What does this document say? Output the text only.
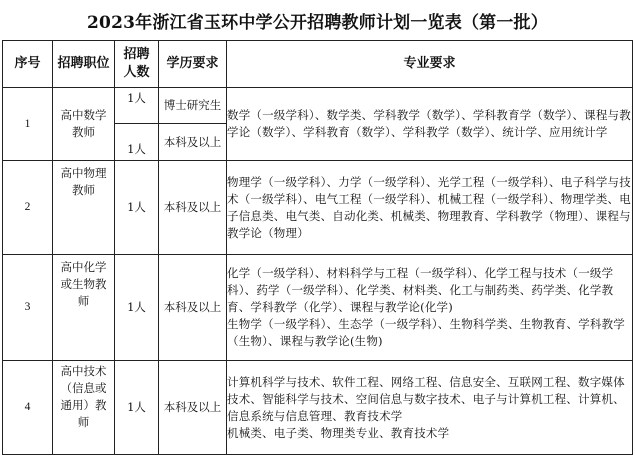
2023年浙江省玉环中学公开招聘教师计划一览表（第一批）
序号	招聘职位	招聘人数	学历要求	专业要求

1	高中数学教师	1人	博士研究生	数学（一级学科）、数学类、学科教学（数学）、学科教育学（数学）、课程与教学论（数学）、学科教育（数学）、学科教学（数学）、统计学、应用统计学
		1人	本科及以上	

2	高中物理教师	1人	本科及以上	物理学（一级学科）、力学（一级学科）、光学工程（一级学科）、电子科学与技术（一级学科）、电气工程（一级学科）、机械工程（一级学科）、物理学类、电子信息类、电气类、自动化类、机械类、物理教育、学科教学（物理）、课程与教学论（物理）
3	高中化学或生物教师	1人	本科及以上	化学（一级学科）、材料科学与工程（一级学科）、化学工程与技术（一级学科）、药学（一级学科）、化学类、材料类、化工与制药类、药学类、化学教育、学科教学（化学）、课程与教学论(化学)
生物学（一级学科）、生态学（一级学科）、生物科学类、生物教育、学科教学（生物）、课程与教学论(生物)

4	高中技术（信息或通用）教师	1人	本科及以上	计算机科学与技术、软件工程、网络工程、信息安全、互联网工程、数字媒体技术、智能科学与技术、空间信息与数字技术、电子与计算机工程、计算机、信息系统与信息管理、教育技术学
机械类、电子类、物理类专业、教育技术学
